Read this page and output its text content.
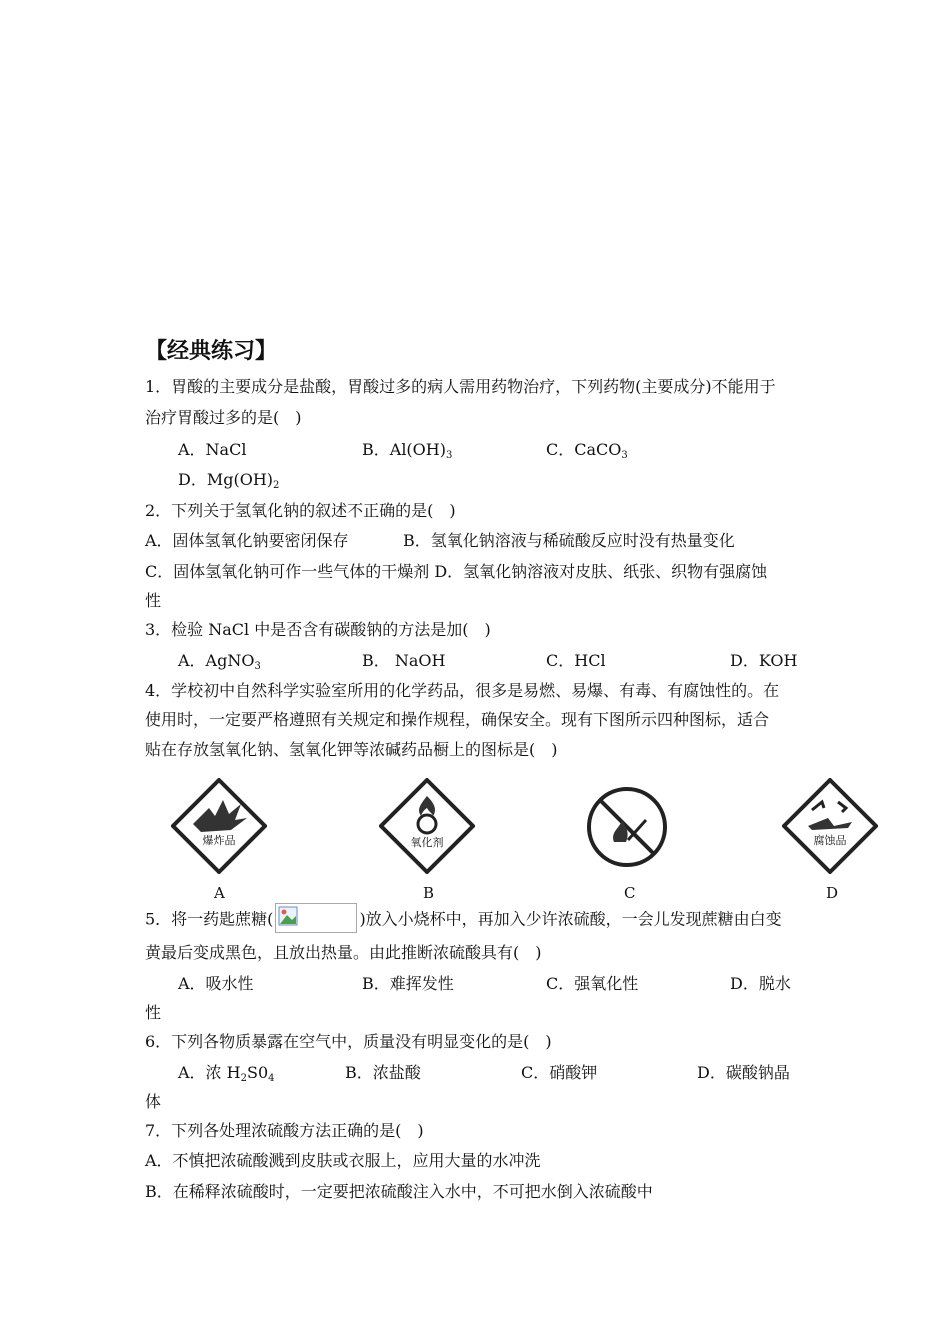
【经典练习】
1．胃酸的主要成分是盐酸，胃酸过多的病人需用药物治疗，下列药物(主要成分)不能用于
治疗胃酸过多的是(　)
A．NaCl	B．$Al(OH)_3$	C．CaCO$_3$
D．$Mg(OH)_2$
2．下列关于氢氧化钠的叙述不正确的是(　)
A．固体氢氧化钠要密闭保存	B．氢氧化钠溶液与稀硫酸反应时没有热量变化
C．固体氢氧化钠可作一些气体的干燥剂 D．氢氧化钠溶液对皮肤、纸张、织物有强腐蚀
性
3．检验 NaCl 中是否含有碳酸钠的方法是加(　)
A．AgNO$_3$	B． NaOH	C．HCl	D．KOH
4．学校初中自然科学实验室所用的化学药品，很多是易燃、易爆、有毒、有腐蚀性的。在
使用时，一定要严格遵照有关规定和操作规程，确保安全。现有下图所示四种图标，适合
贴在存放氢氧化钠、氢氧化钾等浓碱药品橱上的图标是(　)
爆炸品
A
氧化剂
B	C
腐蚀品
D
5．将一药匙蔗糖(	)放入小烧杯中，再加入少许浓硫酸，一会儿发现蔗糖由白变
黄最后变成黑色，且放出热量。由此推断浓硫酸具有(　)
A．吸水性	B．难挥发性	C．强氧化性	D．脱水
性
6．下列各物质暴露在空气中，质量没有明显变化的是(　)
A．浓 $H_2S0_4$	B．浓盐酸	C．硝酸钾	D．碳酸钠晶
体
7．下列各处理浓硫酸方法正确的是(　)
A．不慎把浓硫酸溅到皮肤或衣服上，应用大量的水冲洗
B．在稀释浓硫酸时，一定要把浓硫酸注入水中，不可把水倒入浓硫酸中
